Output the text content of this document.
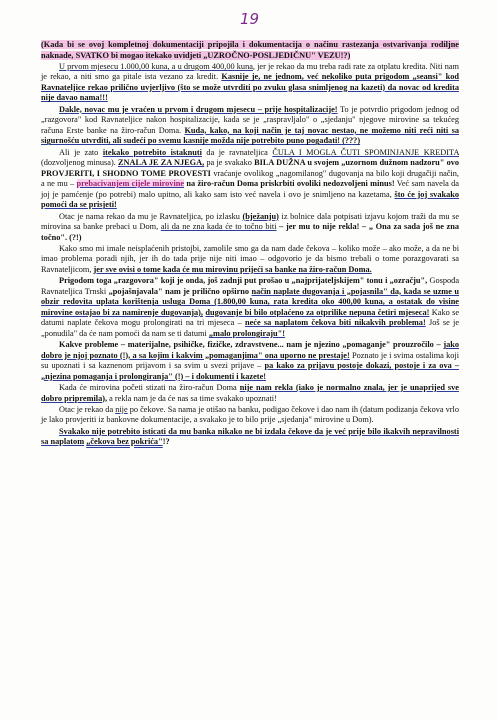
19

(Kada bi se ovoj kompletnoj dokumentaciji pripojila i dokumentacija o načinu rastezanja ostvarivanja rodiljne naknade, SVATKO bi mogao itekako uvidjeti „UZROČNO-POSLJEDIČNU" VEZU!?)

U prvom mjesecu 1.000,00 kuna, a u drugom 400,00 kuna, jer je rekao da mu treba radi rate za otplatu kredita. Niti nam je rekao, a niti smo ga pitale ista vezano za kredit. Kasnije je, ne jednom, već nekoliko puta prigodom „seansi" kod Ravnateljice rekao prilično uvjerljivo (što se može utvrditi po zvuku glasa snimljenog na kazeti) da novac od kredita nije davao nama!!!

Dakle, novac mu je vraćen u prvom i drugom mjesecu – prije hospitalizacije! To je potvrdio prigodom jednog od „razgovora" kod Ravnateljice nakon hospitalizacije, kada se je „raspravljalo" o „sjedanju" njegove mirovine sa tekućeg računa Erste banke na žiro-račun Doma. Kuda, kako, na koji način je taj novac nestao, ne možemo niti reći niti sa sigurnošću utvrditi, ali sudeći po svemu kasnije možda nije potrebito puno pogađati! (???)

Ali je zato itekako potrebito istaknuti da je ravnateljica ČULA I MOGLA ČUTI SPOMINJANJE KREDITA (dozvoljenog minusa). ZNALA JE ZA NJEGA, pa je svakako BILA DUŽNA u svojem „uzornom dužnom nadzoru" ovo PROVJERITI, I SHODNO TOME PROVESTI vraćanje ovolikog „nagomilanog" dugovanja na bilo koji drugačiji način, a ne mu – prebacivanjem cijele mirovine na žiro-račun Doma priskrbiti ovoliki nedozvoljeni minus! Već sam navela da joj je pamćenje (po potrebi) malo upitno, ali kako sam isto već navela i ovo je snimljeno na kazetama, što će joj svakako pomoći da se prisjeti!

Otac je nama rekao da mu je Ravnateljica, po izlasku (bježanju) iz bolnice dala potpisati izjavu kojom traži da mu se mirovina sa banke prebaci u Dom, ali da ne zna kada će to točno biti – jer mu to nije rekla! – „ Ona za sada još ne zna točno". (?!)

Kako smo mi imale neisplaćenih pristojbi, zamolile smo ga da nam dade čekova – koliko može – ako može, a da ne bi imao problema poradi njih, jer ih do tada prije nije niti imao – odgovorio je da bismo trebali o tome porazgovarati sa Ravnateljicom, jer sve ovisi o tome kada će mu mirovinu prijeći sa banke na žiro-račun Doma.

Prigodom toga „razgovora" koji je onda, još zadnji put prošao u „najprijateljskijem" tonu i „ozračju", Gospođa Ravnateljica Trnski „pojašnjavala" nam je prilično opširno način naplate dugovanja i „pojasnila" da, kada se uzme u obzir redovita uplata korištenja usluga Doma (1.800,00 kuna, rata kredita oko 400,00 kuna, a ostatak do visine mirovine ostajao bi za namirenje dugovanja), dugovanje bi bilo otplaćeno za otprilike nepuna četiri mjeseca! Kako se datumi naplate čekova mogu prolongirati na tri mjeseca – neće sa naplatom čekova biti nikakvih problema! Još se je „ponudila" da će nam pomoći da nam se ti datumi „malo prolongiraju"!

Kakve probleme – materijalne, psihičke, fizičke, zdravstvene... nam je njezino „pomaganje" prouzročilo – jako dobro je njoj poznato (!), a sa kojim i kakvim „pomaganjima" ona uporno ne prestaje! Poznato je i svima ostalima koji su upoznati i sa kaznenom prijavom i sa svim u svezi prijave – pa kako za prijavu postoje dokazi, postoje i za ova – „njezina pomaganja i prolongiranja" (!) – i dokumenti i kazete!

Kada će mirovina početi stizati na žiro-račun Doma nije nam rekla (iako je normalno znala, jer je unaprijed sve dobro pripremila), a rekla nam je da će nas sa time svakako upoznati!

Otac je rekao da nije po čekove. Sa nama je otišao na banku, podigao čekove i dao nam ih (datum podizanja čekova vrlo je lako provjeriti iz bankovne dokumentacije, a svakako je to bilo prije „sjedanja" mirovine u Dom).

Svakako nije potrebito isticati da mu banka nikako ne bi izdala čekove da je već prije bilo ikakvih nepravilnosti sa naplatom „čekova bez pokrića"!?
